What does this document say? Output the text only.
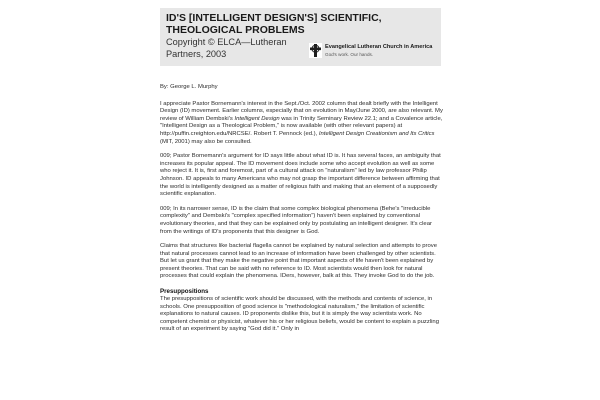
ID'S [INTELLIGENT DESIGN'S] SCIENTIFIC, THEOLOGICAL PROBLEMS
Copyright © ELCA—Lutheran Partners, 2003
Evangelical Lutheran Church in America
God's work. Our hands.

By: George L. Murphy

I appreciate Pastor Bornemann's interest in the Sept./Oct. 2002 column that dealt briefly with the Intelligent Design (ID) movement. Earlier columns, especially that on evolution in May/June 2000, are also relevant. My review of William Dembski's Intelligent Design was in Trinity Seminary Review 22.1; and a Covalence article, "Intelligent Design as a Theological Problem," is now available (with other relevant papers) at http://puffin.creighton.edu/NRCSE/. Robert T. Pennock (ed.), Intelligent Design Creationism and Its Critics (MIT, 2001) may also be consulted.

009; Pastor Bornemann's argument for ID says little about what ID is. It has several faces, an ambiguity that increases its popular appeal. The ID movement does include some who accept evolution as well as some who reject it. It is, first and foremost, part of a cultural attack on "naturalism" led by law professor Philip Johnson. ID appeals to many Americans who may not grasp the important difference between affirming that the world is intelligently designed as a matter of religious faith and making that an element of a supposedly scientific explanation.

009; In its narrower sense, ID is the claim that some complex biological phenomena (Behe's "irreducible complexity" and Dembski's "complex specified information") haven't been explained by conventional evolutionary theories, and that they can be explained only by postulating an intelligent designer. It's clear from the writings of ID's proponents that this designer is God.

Claims that structures like bacterial flagella cannot be explained by natural selection and attempts to prove that natural processes cannot lead to an increase of information have been challenged by other scientists. But let us grant that they make the negative point that important aspects of life haven't been explained by present theories. That can be said with no reference to ID. Most scientists would then look for natural processes that could explain the phenomena. IDers, however, balk at this. They invoke God to do the job.

Presuppositions

The presuppositions of scientific work should be discussed, with the methods and contents of science, in schools. One presupposition of good science is "methodological naturalism," the limitation of scientific explanations to natural causes. ID proponents dislike this, but it is simply the way scientists work. No competent chemist or physicist, whatever his or her religious beliefs, would be content to explain a puzzling result of an experiment by saying "God did it." Only in
